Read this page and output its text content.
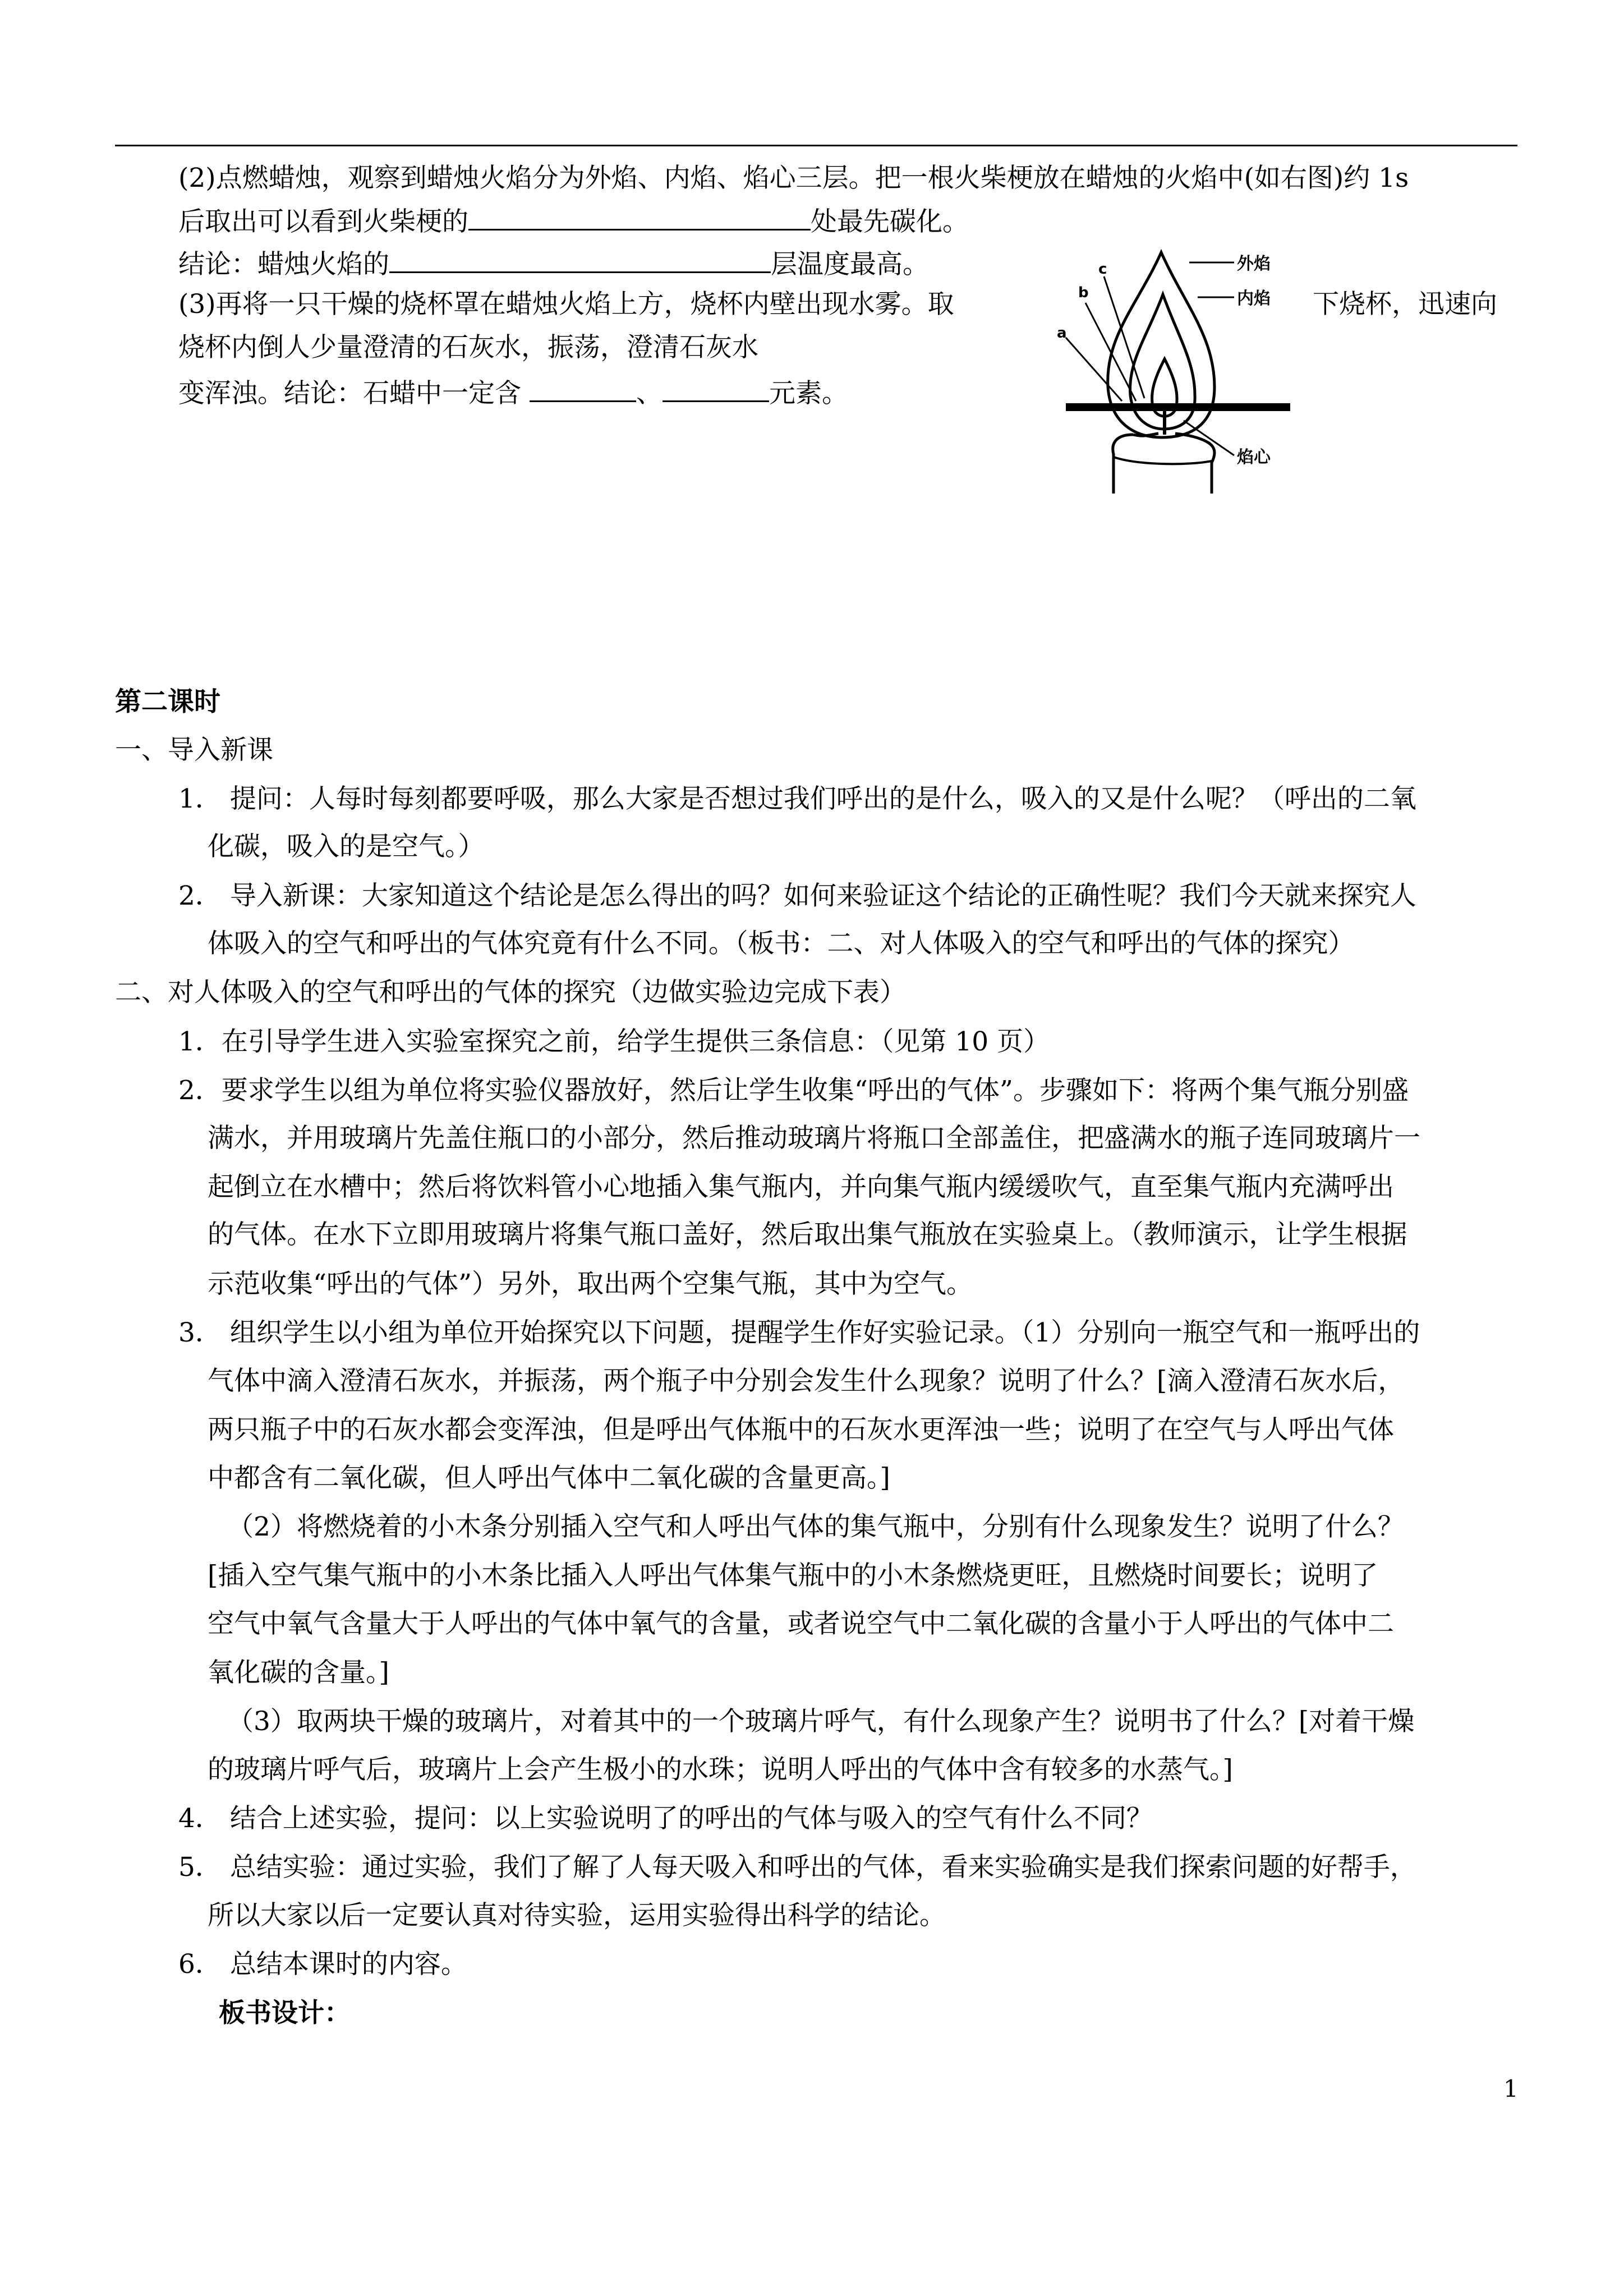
(2)点燃蜡烛，观察到蜡烛火焰分为外焰、内焰、焰心三层。把一根火柴梗放在蜡烛的火焰中(如右图)约 1s
后取出可以看到火柴梗的	处最先碳化。
结论：蜡烛火焰的	层温度最高。
(3)再将一只干燥的烧杯罩在蜡烛火焰上方，烧杯内壁出现水雾。取	下烧杯，迅速向
烧杯内倒人少量澄清的石灰水，振荡，澄清石灰水
变浑浊。结论：石蜡中一定含	、	元素。
外焰
内焰
焰心
c
b
a
第二课时
一、导入新课
1． 提问：人每时每刻都要呼吸，那么大家是否想过我们呼出的是什么，吸入的又是什么呢？（呼出的二氧
化碳，吸入的是空气。）
2． 导入新课：大家知道这个结论是怎么得出的吗？如何来验证这个结论的正确性呢？我们今天就来探究人
体吸入的空气和呼出的气体究竟有什么不同。（板书：二、对人体吸入的空气和呼出的气体的探究）
二、对人体吸入的空气和呼出的气体的探究（边做实验边完成下表）
1．在引导学生进入实验室探究之前，给学生提供三条信息：（见第 10 页）
2．要求学生以组为单位将实验仪器放好，然后让学生收集“呼出的气体”。步骤如下：将两个集气瓶分别盛
满水，并用玻璃片先盖住瓶口的小部分，然后推动玻璃片将瓶口全部盖住，把盛满水的瓶子连同玻璃片一
起倒立在水槽中；然后将饮料管小心地插入集气瓶内，并向集气瓶内缓缓吹气，直至集气瓶内充满呼出
的气体。在水下立即用玻璃片将集气瓶口盖好，然后取出集气瓶放在实验桌上。（教师演示，让学生根据
示范收集“呼出的气体”）另外，取出两个空集气瓶，其中为空气。
3． 组织学生以小组为单位开始探究以下问题，提醒学生作好实验记录。（1）分别向一瓶空气和一瓶呼出的
气体中滴入澄清石灰水，并振荡，两个瓶子中分别会发生什么现象？说明了什么？[滴入澄清石灰水后，
两只瓶子中的石灰水都会变浑浊，但是呼出气体瓶中的石灰水更浑浊一些；说明了在空气与人呼出气体
中都含有二氧化碳，但人呼出气体中二氧化碳的含量更高。]
（2）将燃烧着的小木条分别插入空气和人呼出气体的集气瓶中，分别有什么现象发生？说明了什么？
[插入空气集气瓶中的小木条比插入人呼出气体集气瓶中的小木条燃烧更旺，且燃烧时间要长；说明了
空气中氧气含量大于人呼出的气体中氧气的含量，或者说空气中二氧化碳的含量小于人呼出的气体中二
氧化碳的含量。]
（3）取两块干燥的玻璃片，对着其中的一个玻璃片呼气，有什么现象产生？说明书了什么？[对着干燥
的玻璃片呼气后，玻璃片上会产生极小的水珠；说明人呼出的气体中含有较多的水蒸气。]
4． 结合上述实验，提问：以上实验说明了的呼出的气体与吸入的空气有什么不同？
5． 总结实验：通过实验，我们了解了人每天吸入和呼出的气体，看来实验确实是我们探索问题的好帮手，
所以大家以后一定要认真对待实验，运用实验得出科学的结论。
6． 总结本课时的内容。
板书设计：
1
